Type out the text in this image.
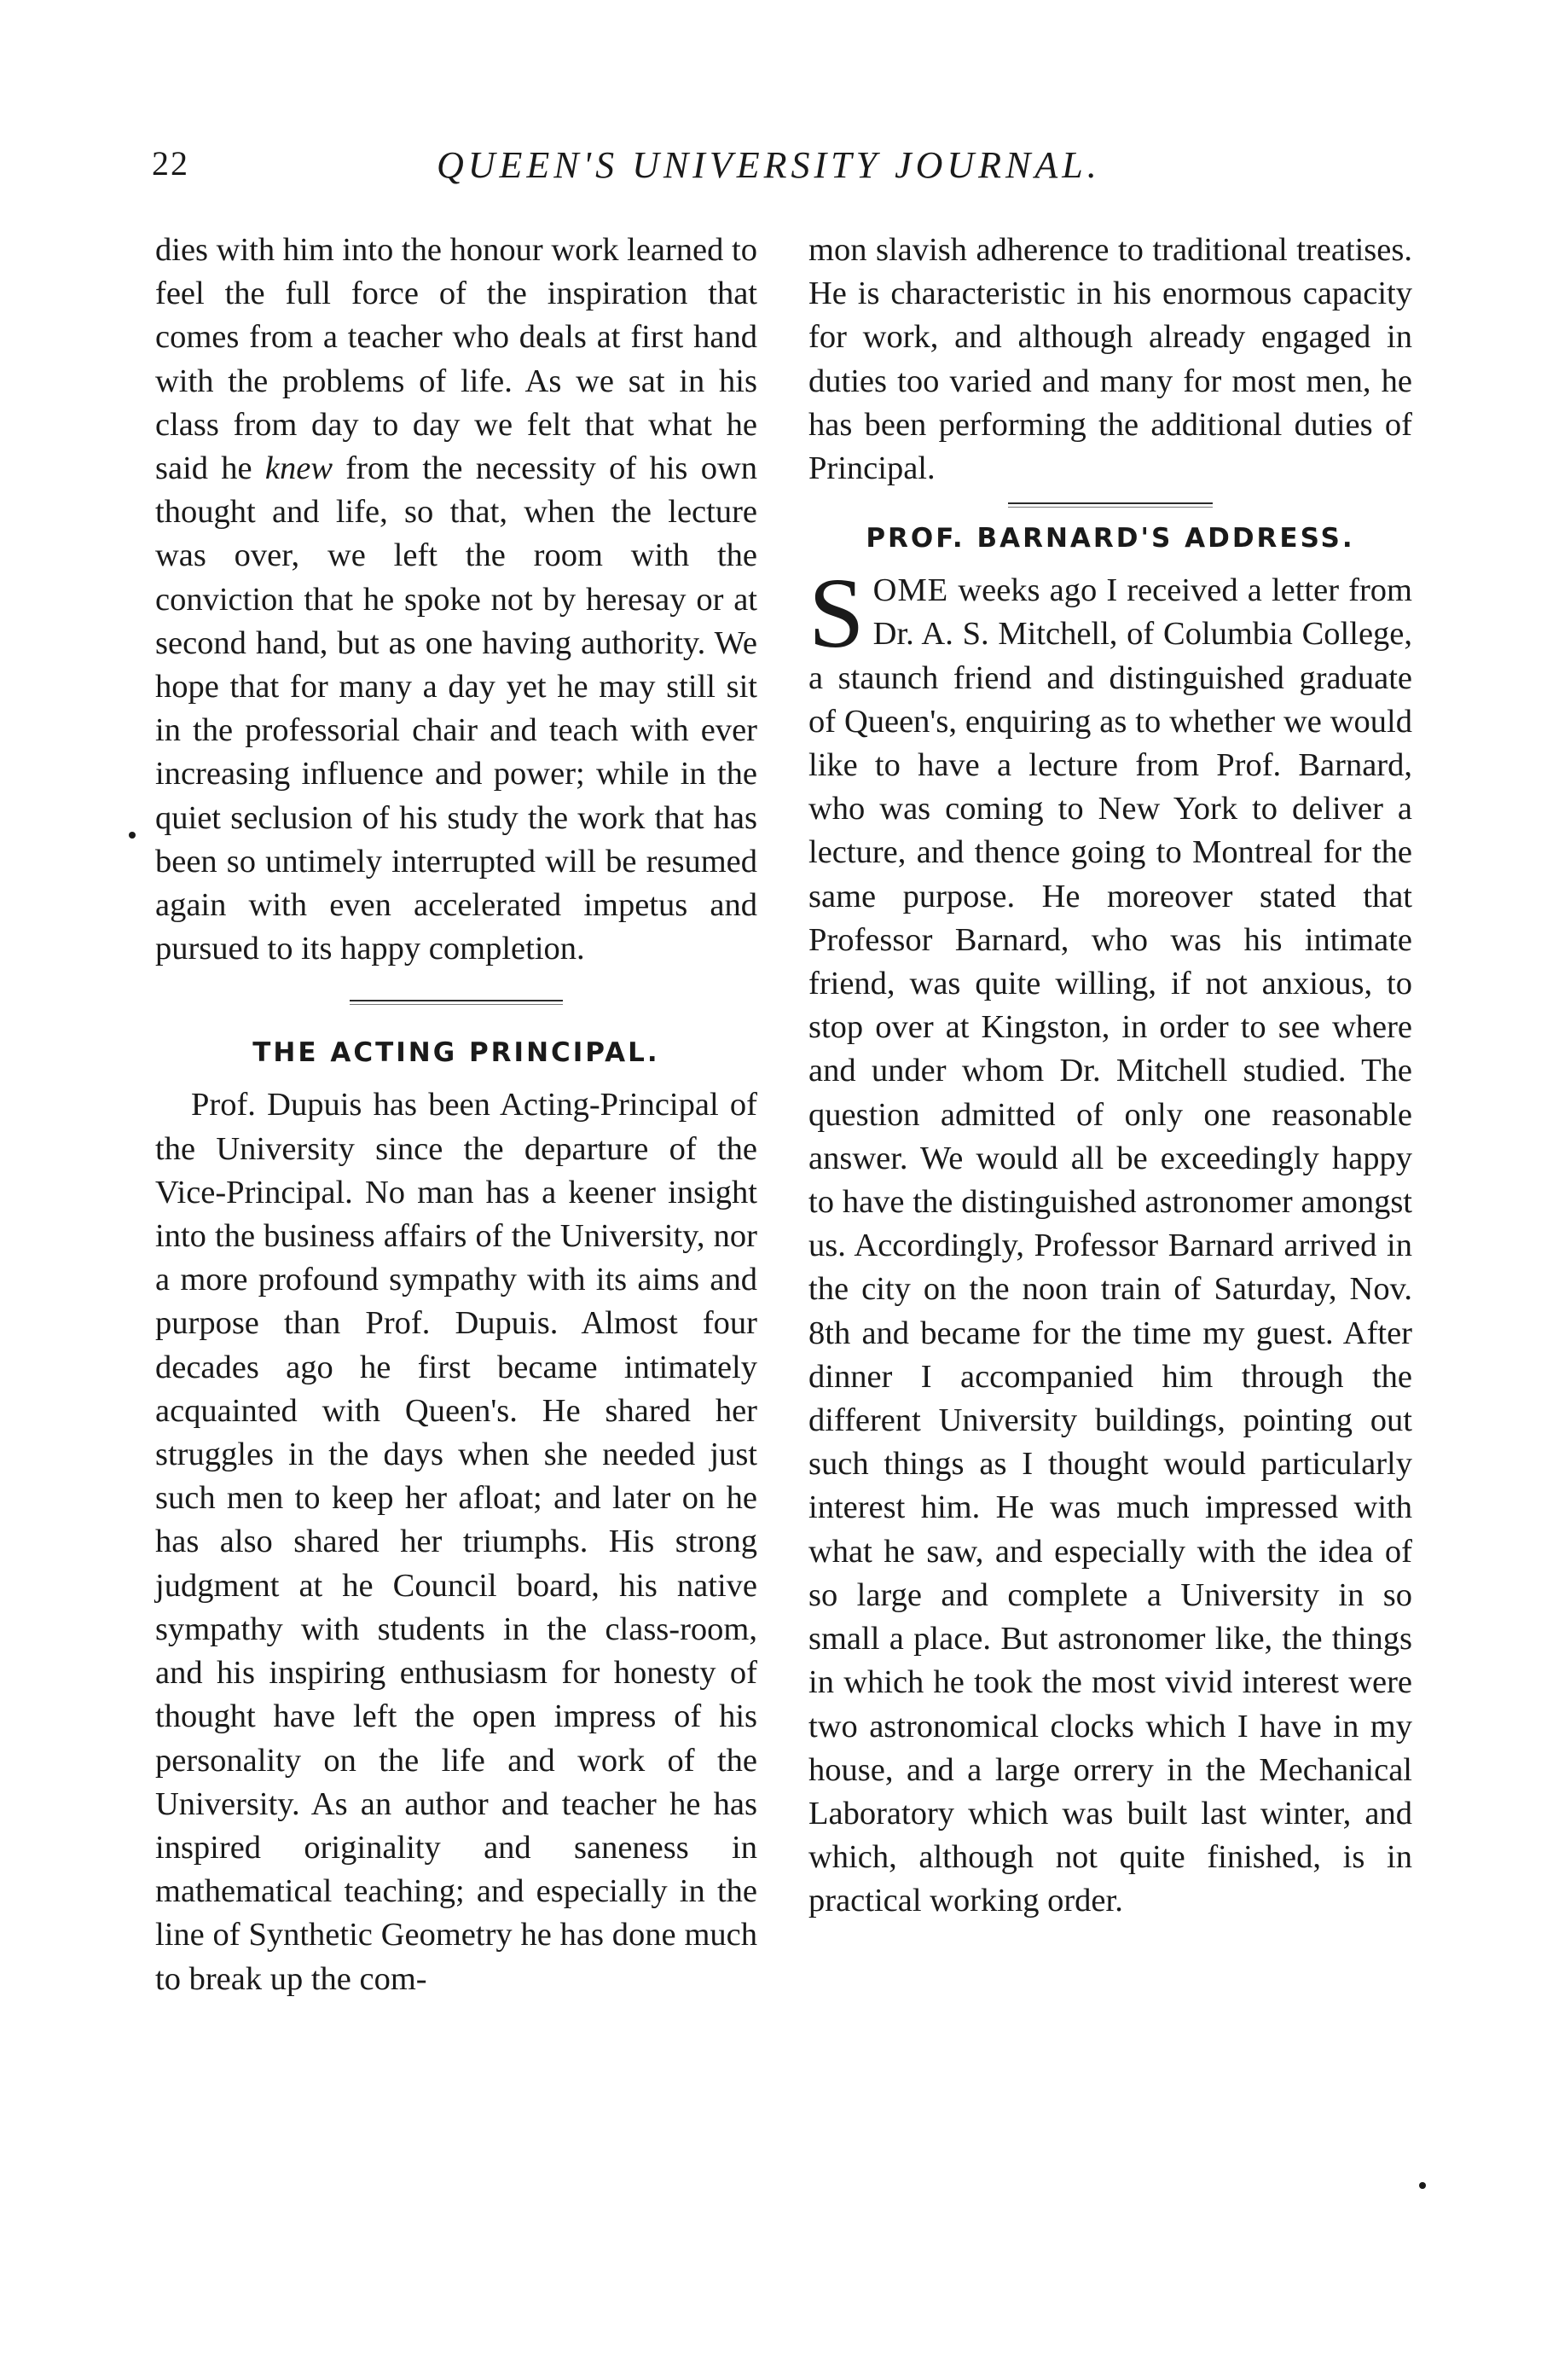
22	QUEEN'S UNIVERSITY JOURNAL.

dies with him into the honour work learned to feel the full force of the inspiration that comes from a teacher who deals at first hand with the problems of life. As we sat in his class from day to day we felt that what he said he knew from the necessity of his own thought and life, so that, when the lecture was over, we left the room with the conviction that he spoke not by heresay or at second hand, but as one having authority. We hope that for many a day yet he may still sit in the professorial chair and teach with ever increasing influence and power; while in the quiet seclusion of his study the work that has been so untimely interrupted will be resumed again with even accelerated impetus and pursued to its happy completion.

THE ACTING PRINCIPAL.

Prof. Dupuis has been Acting-Principal of the University since the departure of the Vice-Principal. No man has a keener insight into the business affairs of the University, nor a more profound sympathy with its aims and purpose than Prof. Dupuis. Almost four decades ago he first became intimately acquainted with Queen's. He shared her struggles in the days when she needed just such men to keep her afloat; and later on he has also shared her triumphs. His strong judgment at he Council board, his native sympathy with students in the class-room, and his inspiring enthusiasm for honesty of thought have left the open impress of his personality on the life and work of the University. As an author and teacher he has inspired originality and saneness in mathematical teaching; and especially in the line of Synthetic Geometry he has done much to break up the com-

mon slavish adherence to traditional treatises. He is characteristic in his enormous capacity for work, and although already engaged in duties too varied and many for most men, he has been performing the additional duties of Principal.

PROF. BARNARD'S ADDRESS.

SOME weeks ago I received a letter from Dr. A. S. Mitchell, of Columbia College, a staunch friend and distinguished graduate of Queen's, enquiring as to whether we would like to have a lecture from Prof. Barnard, who was coming to New York to deliver a lecture, and thence going to Montreal for the same purpose. He moreover stated that Professor Barnard, who was his intimate friend, was quite willing, if not anxious, to stop over at Kingston, in order to see where and under whom Dr. Mitchell studied. The question admitted of only one reasonable answer. We would all be exceedingly happy to have the distinguished astronomer amongst us. Accordingly, Professor Barnard arrived in the city on the noon train of Saturday, Nov. 8th and became for the time my guest. After dinner I accompanied him through the different University buildings, pointing out such things as I thought would particularly interest him. He was much impressed with what he saw, and especially with the idea of so large and complete a University in so small a place. But astronomer like, the things in which he took the most vivid interest were two astronomical clocks which I have in my house, and a large orrery in the Mechanical Laboratory which was built last winter, and which, although not quite finished, is in practical working order.
